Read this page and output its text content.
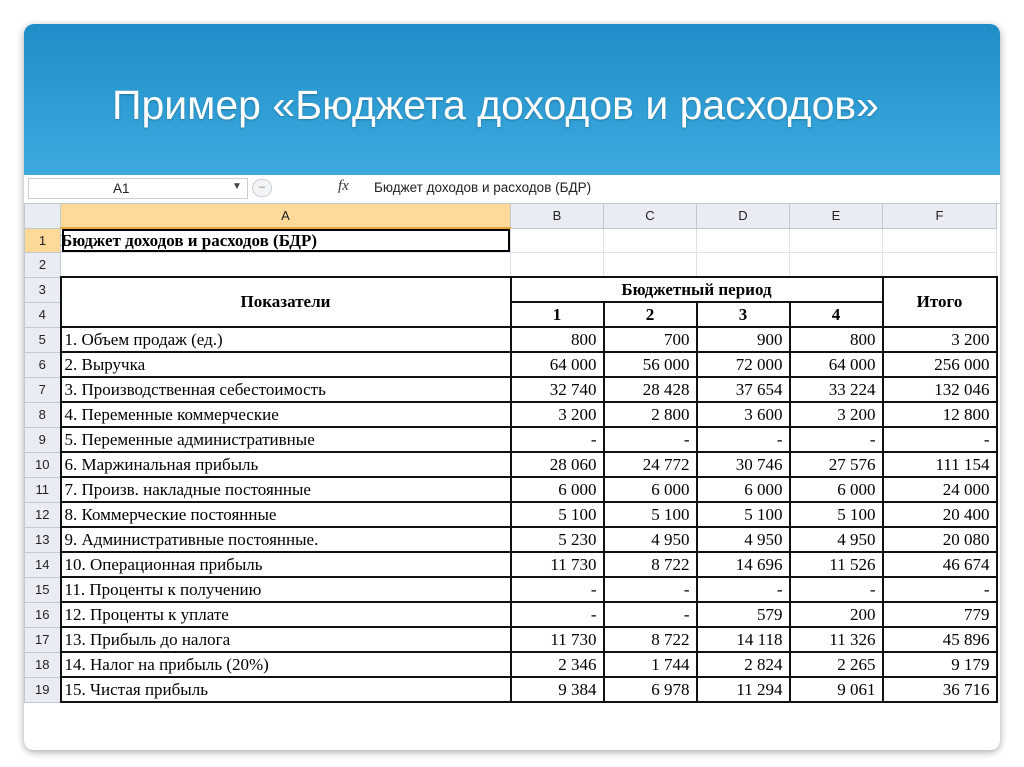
Пример «Бюджета доходов и расходов»
A1	▼	–	fx Бюджет доходов и расходов (БДР)
	A	B	C	D	E	F
1	Бюджет доходов и расходов (БДР)					
2						
3	Показатели	Бюджетный период				Итого
4		1	2	3	4	
5	1. Объем продаж (ед.)	800	700	900	800	3 200
6	2. Выручка	64 000	56 000	72 000	64 000	256 000
7	3. Производственная себестоимость	32 740	28 428	37 654	33 224	132 046
8	4. Переменные коммерческие	3 200	2 800	3 600	3 200	12 800
9	5. Переменные административные	-	-	-	-	-
10	6. Маржинальная прибыль	28 060	24 772	30 746	27 576	111 154
11	7. Произв. накладные постоянные	6 000	6 000	6 000	6 000	24 000
12	8. Коммерческие постоянные	5 100	5 100	5 100	5 100	20 400
13	9. Административные постоянные.	5 230	4 950	4 950	4 950	20 080
14	10. Операционная прибыль	11 730	8 722	14 696	11 526	46 674
15	11. Проценты к получению	-	-	-	-	-
16	12. Проценты к уплате	-	-	579	200	779
17	13. Прибыль до налога	11 730	8 722	14 118	11 326	45 896
18	14. Налог на прибыль (20%)	2 346	1 744	2 824	2 265	9 179
19	15. Чистая прибыль	9 384	6 978	11 294	9 061	36 716
